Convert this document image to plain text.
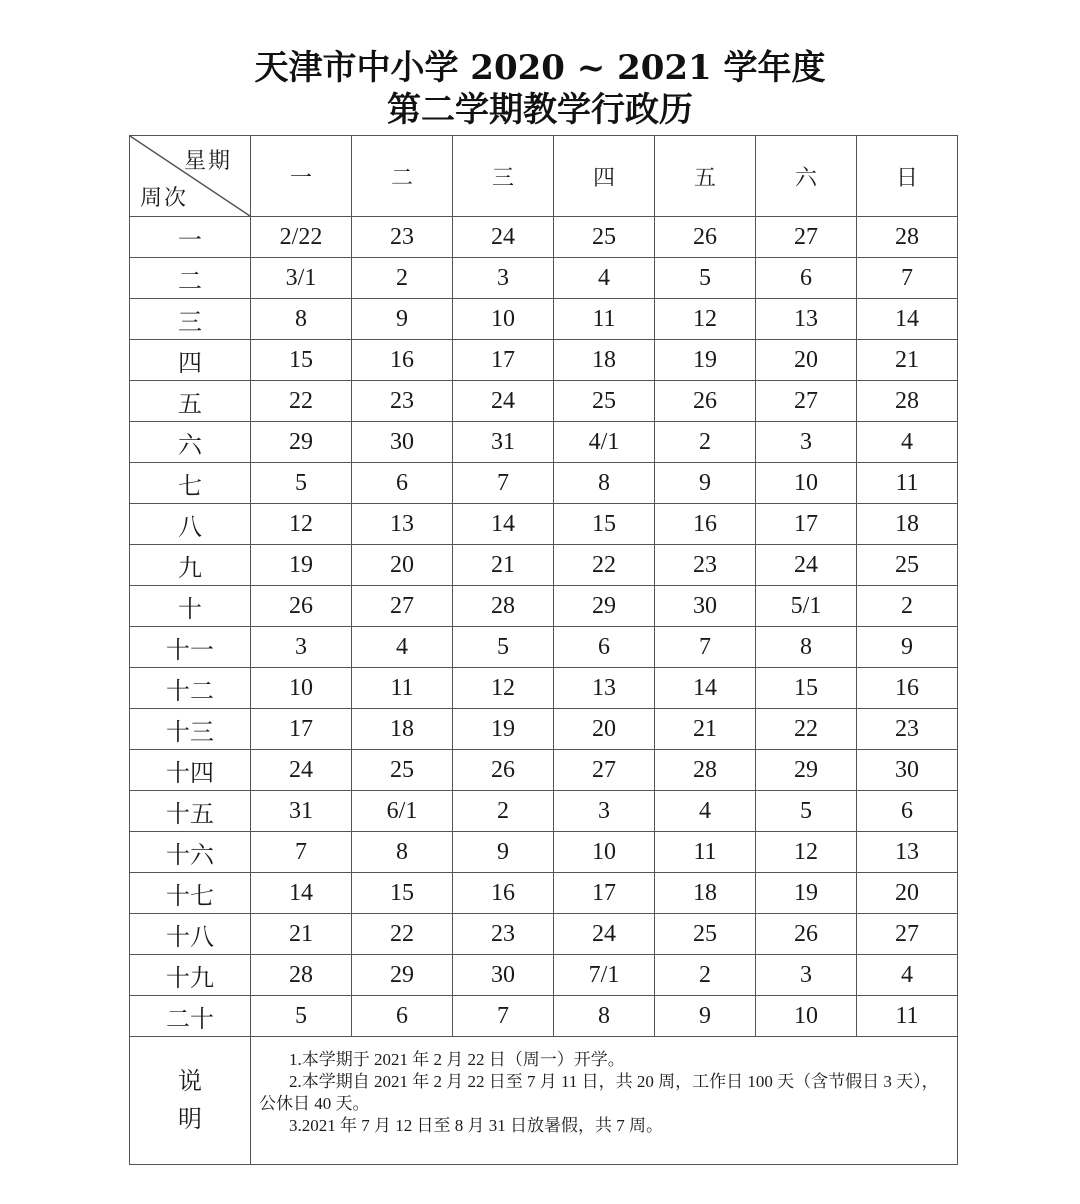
天津市中小学 2020 ~ 2021 学年度
第二学期教学行政历
星期
周次	一	二	三	四	五	六	日
一	2/22	23	24	25	26	27	28
二	3/1	2	3	4	5	6	7
三	8	9	10	11	12	13	14
四	15	16	17	18	19	20	21
五	22	23	24	25	26	27	28
六	29	30	31	4/1	2	3	4
七	5	6	7	8	9	10	11
八	12	13	14	15	16	17	18
九	19	20	21	22	23	24	25
十	26	27	28	29	30	5/1	2
十一	3	4	5	6	7	8	9
十二	10	11	12	13	14	15	16
十三	17	18	19	20	21	22	23
十四	24	25	26	27	28	29	30
十五	31	6/1	2	3	4	5	6
十六	7	8	9	10	11	12	13
十七	14	15	16	17	18	19	20
十八	21	22	23	24	25	26	27
十九	28	29	30	7/1	2	3	4
二十	5	6	7	8	9	10	11
说明	1.本学期于 2021 年 2 月 22 日（周一）开学。

2.本学期自 2021 年 2 月 22 日至 7 月 11 日，共 20 周，工作日 100 天（含节假日 3 天），公休日 40 天。

3.2021 年 7 月 12 日至 8 月 31 日放暑假，共 7 周。						
